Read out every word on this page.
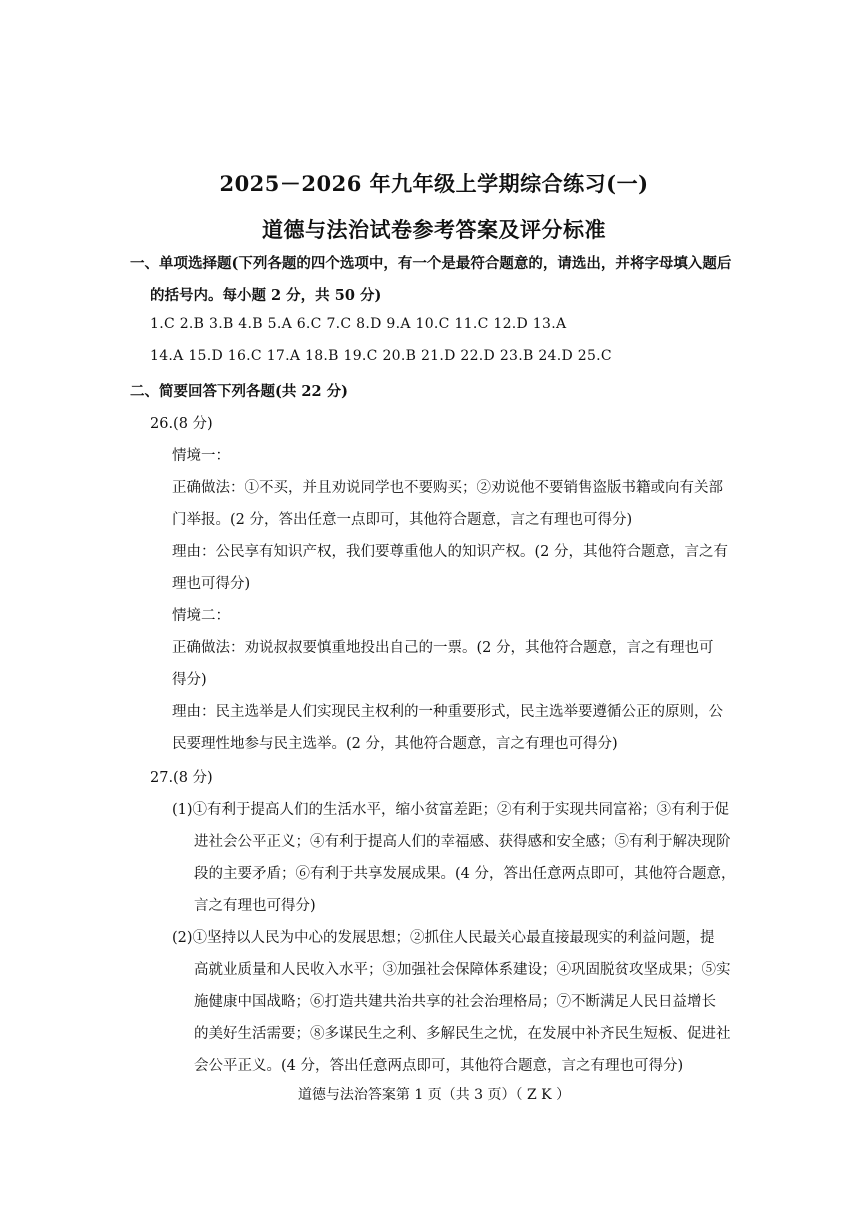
2025－2026 年九年级上学期综合练习(一)
道德与法治试卷参考答案及评分标准
一、单项选择题(下列各题的四个选项中，有一个是最符合题意的，请选出，并将字母填入题后
的括号内。每小题 2 分，共 50 分)
1.C 2.B 3.B 4.B 5.A 6.C 7.C 8.D 9.A 10.C 11.C 12.D 13.A
14.A 15.D 16.C 17.A 18.B 19.C 20.B 21.D 22.D 23.B 24.D 25.C
二、简要回答下列各题(共 22 分)
26.(8 分)
情境一：
正确做法：①不买，并且劝说同学也不要购买；②劝说他不要销售盗版书籍或向有关部
门举报。(2 分，答出任意一点即可，其他符合题意，言之有理也可得分)
理由：公民享有知识产权，我们要尊重他人的知识产权。(2 分，其他符合题意，言之有
理也可得分)
情境二：
正确做法：劝说叔叔要慎重地投出自己的一票。(2 分，其他符合题意，言之有理也可
得分)
理由：民主选举是人们实现民主权利的一种重要形式，民主选举要遵循公正的原则，公
民要理性地参与民主选举。(2 分，其他符合题意，言之有理也可得分)
27.(8 分)
(1)①有利于提高人们的生活水平，缩小贫富差距；②有利于实现共同富裕；③有利于促
进社会公平正义；④有利于提高人们的幸福感、获得感和安全感；⑤有利于解决现阶
段的主要矛盾；⑥有利于共享发展成果。(4 分，答出任意两点即可，其他符合题意，
言之有理也可得分)
(2)①坚持以人民为中心的发展思想；②抓住人民最关心最直接最现实的利益问题，提
高就业质量和人民收入水平；③加强社会保障体系建设；④巩固脱贫攻坚成果；⑤实
施健康中国战略；⑥打造共建共治共享的社会治理格局；⑦不断满足人民日益增长
的美好生活需要；⑧多谋民生之利、多解民生之忧，在发展中补齐民生短板、促进社
会公平正义。(4 分，答出任意两点即可，其他符合题意，言之有理也可得分)
道德与法治答案第 1 页（共 3 页）（ Z K ）
